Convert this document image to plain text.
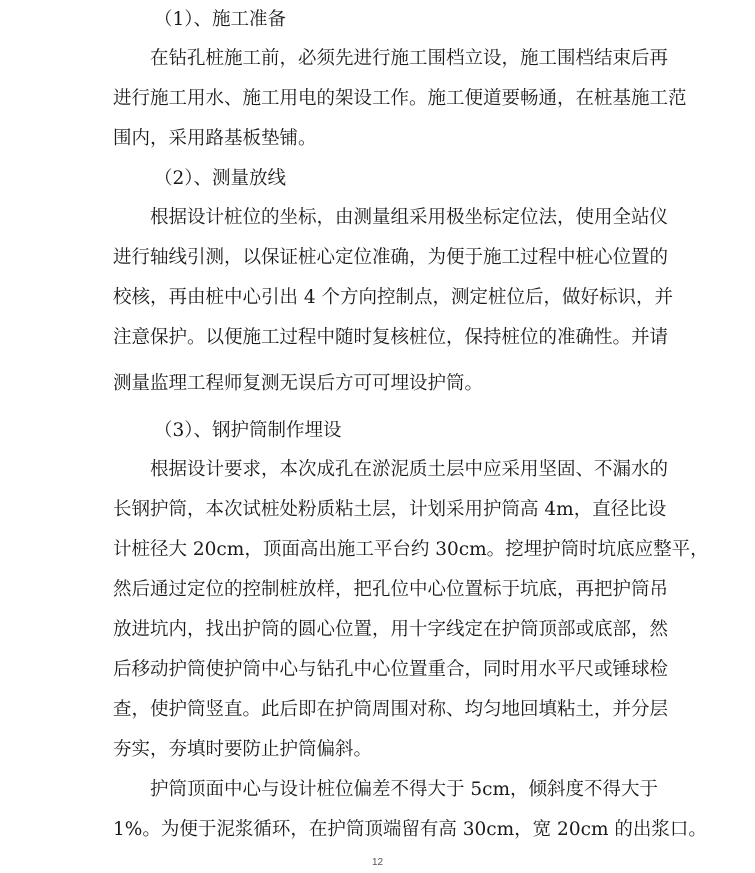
（1）、施工准备
在钻孔桩施工前，必须先进行施工围档立设，施工围档结束后再
进行施工用水、施工用电的架设工作。施工便道要畅通，在桩基施工范
围内，采用路基板垫铺。
（2）、测量放线
根据设计桩位的坐标，由测量组采用极坐标定位法，使用全站仪
进行轴线引测，以保证桩心定位准确，为便于施工过程中桩心位置的
校核，再由桩中心引出 4 个方向控制点，测定桩位后，做好标识，并
注意保护。以便施工过程中随时复核桩位，保持桩位的准确性。并请
测量监理工程师复测无误后方可可埋设护筒。
（3）、钢护筒制作埋设
根据设计要求，本次成孔在淤泥质土层中应采用坚固、不漏水的
长钢护筒，本次试桩处粉质粘土层，计划采用护筒高 4m，直径比设
计桩径大 20cm，顶面高出施工平台约 30cm。挖埋护筒时坑底应整平，
然后通过定位的控制桩放样，把孔位中心位置标于坑底，再把护筒吊
放进坑内，找出护筒的圆心位置，用十字线定在护筒顶部或底部，然
后移动护筒使护筒中心与钻孔中心位置重合，同时用水平尺或锤球检
查，使护筒竖直。此后即在护筒周围对称、均匀地回填粘土，并分层
夯实，夯填时要防止护筒偏斜。
护筒顶面中心与设计桩位偏差不得大于 5cm，倾斜度不得大于
1%。为便于泥浆循环，在护筒顶端留有高 30cm，宽 20cm 的出浆口。
12
